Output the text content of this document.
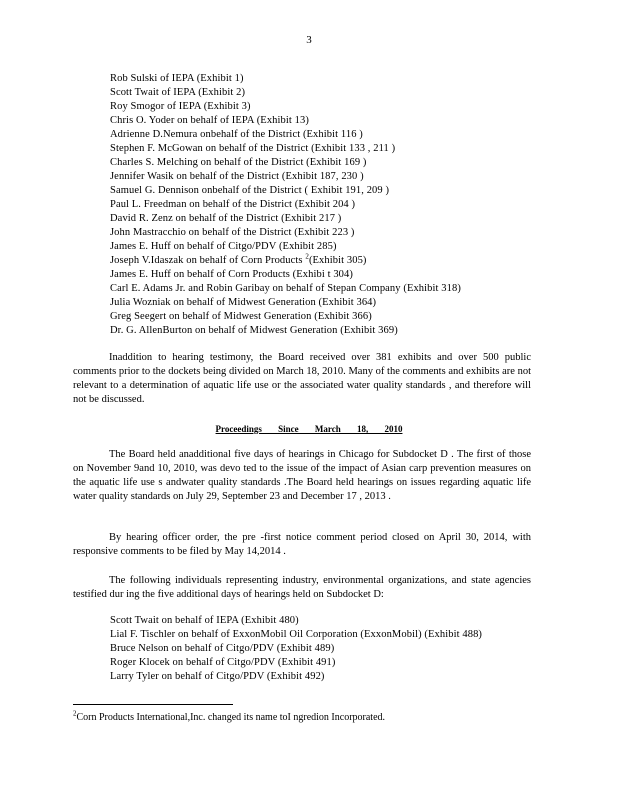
3
Rob Sulski of IEPA (Exhibit 1)
Scott Twait of IEPA (Exhibit 2)
Roy Smogor of IEPA (Exhibit 3)
Chris O. Yoder on behalf of IEPA (Exhibit 13)
Adrienne D.Nemura onbehalf of the District (Exhibit 116 )
Stephen F. McGowan on behalf of the District (Exhibit 133 , 211 )
Charles S. Melching on behalf of the District (Exhibit 169 )
Jennifer Wasik on behalf of the District (Exhibit 187, 230 )
Samuel G. Dennison onbehalf of the District ( Exhibit 191, 209 )
Paul L. Freedman on behalf of the District (Exhibit 204 )
David R. Zenz on behalf of the District (Exhibit 217 )
John Mastracchio on behalf of the District (Exhibit 223 )
James E. Huff on behalf of Citgo/PDV (Exhibit 285)
Joseph V.Idaszak on behalf of Corn Products $^2$(Exhibit 305)
James E. Huff on behalf of Corn Products (Exhibi t 304)
Carl E. Adams Jr. and Robin Garibay on behalf of Stepan Company (Exhibit 318)
Julia Wozniak on behalf of Midwest Generation (Exhibit 364)
Greg Seegert on behalf of Midwest Generation (Exhibit 366)
Dr. G. AllenBurton on behalf of Midwest Generation (Exhibit 369)

Inaddition to hearing testimony, the Board received over 381 exhibits and over 500 public comments prior to the dockets being divided on March 18, 2010. Many of the comments and exhibits are not relevant to a determination of aquatic life use or the associated water quality standards , and therefore will not be discussed.

Proceedings Since March 18, 2010

The Board held anadditional five days of hearings in Chicago for Subdocket D . The first of those on November 9and 10, 2010, was devo ted to the issue of the impact of Asian carp prevention measures on the aquatic life use s andwater quality standards .The Board held hearings on issues regarding aquatic life water quality standards on July 29, September 23 and December 17 , 2013 .

By hearing officer order, the pre -first notice comment period closed on April 30, 2014, with responsive comments to be filed by May 14,2014 .

The following individuals representing industry, environmental organizations, and state agencies testified dur ing the five additional days of hearings held on Subdocket D:

Scott Twait on behalf of IEPA (Exhibit 480)
Lial F. Tischler on behalf of ExxonMobil Oil Corporation (ExxonMobil) (Exhibit 488)
Bruce Nelson on behalf of Citgo/PDV (Exhibit 489)
Roger Klocek on behalf of Citgo/PDV (Exhibit 491)
Larry Tyler on behalf of Citgo/PDV (Exhibit 492)

$^2$Corn Products International,Inc. changed its name toI ngredion Incorporated.
